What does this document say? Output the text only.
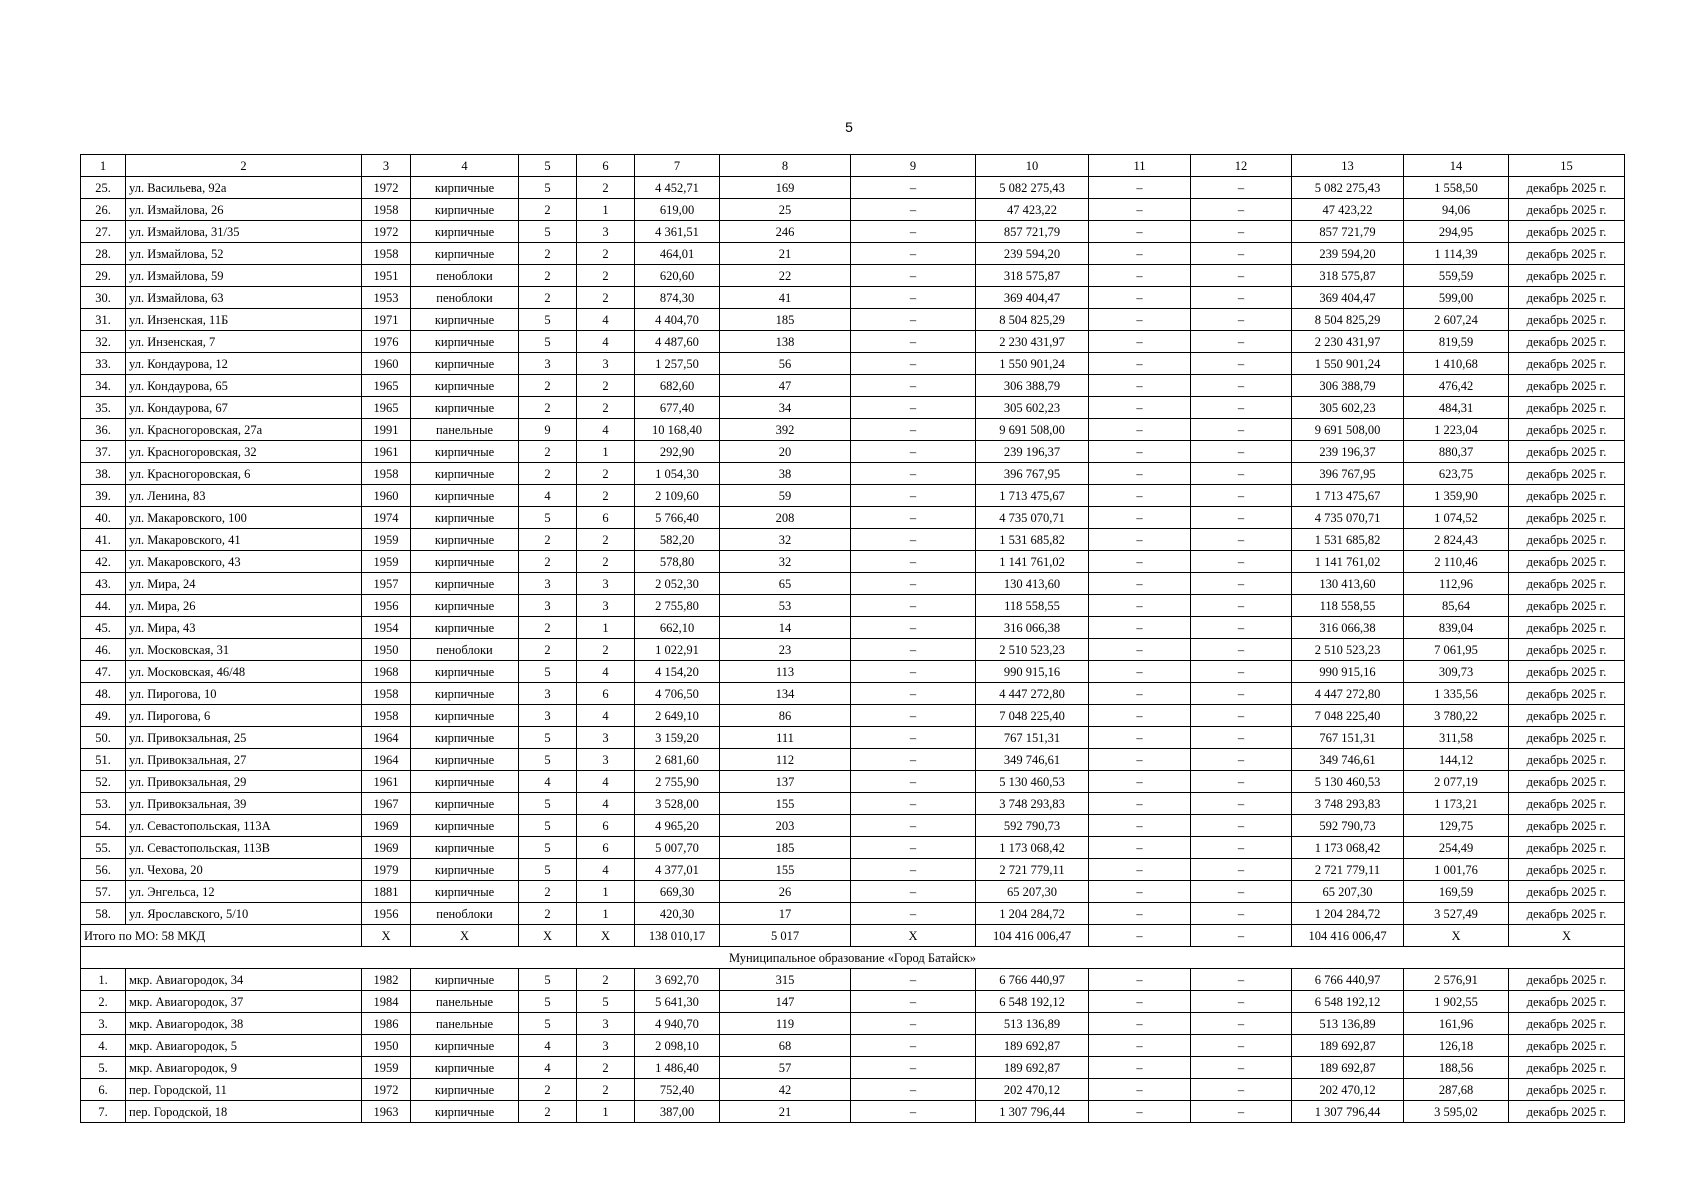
5
1	2	3	4	5	6	7	8	9	10	11	12	13	14	15
25.	ул. Васильева, 92а	1972	кирпичные	5	2	4 452,71	169	–	5 082 275,43	–	–	5 082 275,43	1 558,50	декабрь 2025 г.
26.	ул. Измайлова, 26	1958	кирпичные	2	1	619,00	25	–	47 423,22	–	–	47 423,22	94,06	декабрь 2025 г.
27.	ул. Измайлова, 31/35	1972	кирпичные	5	3	4 361,51	246	–	857 721,79	–	–	857 721,79	294,95	декабрь 2025 г.
28.	ул. Измайлова, 52	1958	кирпичные	2	2	464,01	21	–	239 594,20	–	–	239 594,20	1 114,39	декабрь 2025 г.
29.	ул. Измайлова, 59	1951	пеноблоки	2	2	620,60	22	–	318 575,87	–	–	318 575,87	559,59	декабрь 2025 г.
30.	ул. Измайлова, 63	1953	пеноблоки	2	2	874,30	41	–	369 404,47	–	–	369 404,47	599,00	декабрь 2025 г.
31.	ул. Инзенская, 11Б	1971	кирпичные	5	4	4 404,70	185	–	8 504 825,29	–	–	8 504 825,29	2 607,24	декабрь 2025 г.
32.	ул. Инзенская, 7	1976	кирпичные	5	4	4 487,60	138	–	2 230 431,97	–	–	2 230 431,97	819,59	декабрь 2025 г.
33.	ул. Кондаурова, 12	1960	кирпичные	3	3	1 257,50	56	–	1 550 901,24	–	–	1 550 901,24	1 410,68	декабрь 2025 г.
34.	ул. Кондаурова, 65	1965	кирпичные	2	2	682,60	47	–	306 388,79	–	–	306 388,79	476,42	декабрь 2025 г.
35.	ул. Кондаурова, 67	1965	кирпичные	2	2	677,40	34	–	305 602,23	–	–	305 602,23	484,31	декабрь 2025 г.
36.	ул. Красногоровская, 27а	1991	панельные	9	4	10 168,40	392	–	9 691 508,00	–	–	9 691 508,00	1 223,04	декабрь 2025 г.
37.	ул. Красногоровская, 32	1961	кирпичные	2	1	292,90	20	–	239 196,37	–	–	239 196,37	880,37	декабрь 2025 г.
38.	ул. Красногоровская, 6	1958	кирпичные	2	2	1 054,30	38	–	396 767,95	–	–	396 767,95	623,75	декабрь 2025 г.
39.	ул. Ленина, 83	1960	кирпичные	4	2	2 109,60	59	–	1 713 475,67	–	–	1 713 475,67	1 359,90	декабрь 2025 г.
40.	ул. Макаровского, 100	1974	кирпичные	5	6	5 766,40	208	–	4 735 070,71	–	–	4 735 070,71	1 074,52	декабрь 2025 г.
41.	ул. Макаровского, 41	1959	кирпичные	2	2	582,20	32	–	1 531 685,82	–	–	1 531 685,82	2 824,43	декабрь 2025 г.
42.	ул. Макаровского, 43	1959	кирпичные	2	2	578,80	32	–	1 141 761,02	–	–	1 141 761,02	2 110,46	декабрь 2025 г.
43.	ул. Мира, 24	1957	кирпичные	3	3	2 052,30	65	–	130 413,60	–	–	130 413,60	112,96	декабрь 2025 г.
44.	ул. Мира, 26	1956	кирпичные	3	3	2 755,80	53	–	118 558,55	–	–	118 558,55	85,64	декабрь 2025 г.
45.	ул. Мира, 43	1954	кирпичные	2	1	662,10	14	–	316 066,38	–	–	316 066,38	839,04	декабрь 2025 г.
46.	ул. Московская, 31	1950	пеноблоки	2	2	1 022,91	23	–	2 510 523,23	–	–	2 510 523,23	7 061,95	декабрь 2025 г.
47.	ул. Московская, 46/48	1968	кирпичные	5	4	4 154,20	113	–	990 915,16	–	–	990 915,16	309,73	декабрь 2025 г.
48.	ул. Пирогова, 10	1958	кирпичные	3	6	4 706,50	134	–	4 447 272,80	–	–	4 447 272,80	1 335,56	декабрь 2025 г.
49.	ул. Пирогова, 6	1958	кирпичные	3	4	2 649,10	86	–	7 048 225,40	–	–	7 048 225,40	3 780,22	декабрь 2025 г.
50.	ул. Привокзальная, 25	1964	кирпичные	5	3	3 159,20	111	–	767 151,31	–	–	767 151,31	311,58	декабрь 2025 г.
51.	ул. Привокзальная, 27	1964	кирпичные	5	3	2 681,60	112	–	349 746,61	–	–	349 746,61	144,12	декабрь 2025 г.
52.	ул. Привокзальная, 29	1961	кирпичные	4	4	2 755,90	137	–	5 130 460,53	–	–	5 130 460,53	2 077,19	декабрь 2025 г.
53.	ул. Привокзальная, 39	1967	кирпичные	5	4	3 528,00	155	–	3 748 293,83	–	–	3 748 293,83	1 173,21	декабрь 2025 г.
54.	ул. Севастопольская, 113А	1969	кирпичные	5	6	4 965,20	203	–	592 790,73	–	–	592 790,73	129,75	декабрь 2025 г.
55.	ул. Севастопольская, 113В	1969	кирпичные	5	6	5 007,70	185	–	1 173 068,42	–	–	1 173 068,42	254,49	декабрь 2025 г.
56.	ул. Чехова, 20	1979	кирпичные	5	4	4 377,01	155	–	2 721 779,11	–	–	2 721 779,11	1 001,76	декабрь 2025 г.
57.	ул. Энгельса, 12	1881	кирпичные	2	1	669,30	26	–	65 207,30	–	–	65 207,30	169,59	декабрь 2025 г.
58.	ул. Ярославского, 5/10	1956	пеноблоки	2	1	420,30	17	–	1 204 284,72	–	–	1 204 284,72	3 527,49	декабрь 2025 г.
Итого по МО: 58 МКД		Х	Х	Х	Х	138 010,17	5 017	Х	104 416 006,47	–	–	104 416 006,47	Х	Х
Муниципальное образование «Город Батайск»														
1.	мкр. Авиагородок, 34	1982	кирпичные	5	2	3 692,70	315	–	6 766 440,97	–	–	6 766 440,97	2 576,91	декабрь 2025 г.
2.	мкр. Авиагородок, 37	1984	панельные	5	5	5 641,30	147	–	6 548 192,12	–	–	6 548 192,12	1 902,55	декабрь 2025 г.
3.	мкр. Авиагородок, 38	1986	панельные	5	3	4 940,70	119	–	513 136,89	–	–	513 136,89	161,96	декабрь 2025 г.
4.	мкр. Авиагородок, 5	1950	кирпичные	4	3	2 098,10	68	–	189 692,87	–	–	189 692,87	126,18	декабрь 2025 г.
5.	мкр. Авиагородок, 9	1959	кирпичные	4	2	1 486,40	57	–	189 692,87	–	–	189 692,87	188,56	декабрь 2025 г.
6.	пер. Городской, 11	1972	кирпичные	2	2	752,40	42	–	202 470,12	–	–	202 470,12	287,68	декабрь 2025 г.
7.	пер. Городской, 18	1963	кирпичные	2	1	387,00	21	–	1 307 796,44	–	–	1 307 796,44	3 595,02	декабрь 2025 г.
